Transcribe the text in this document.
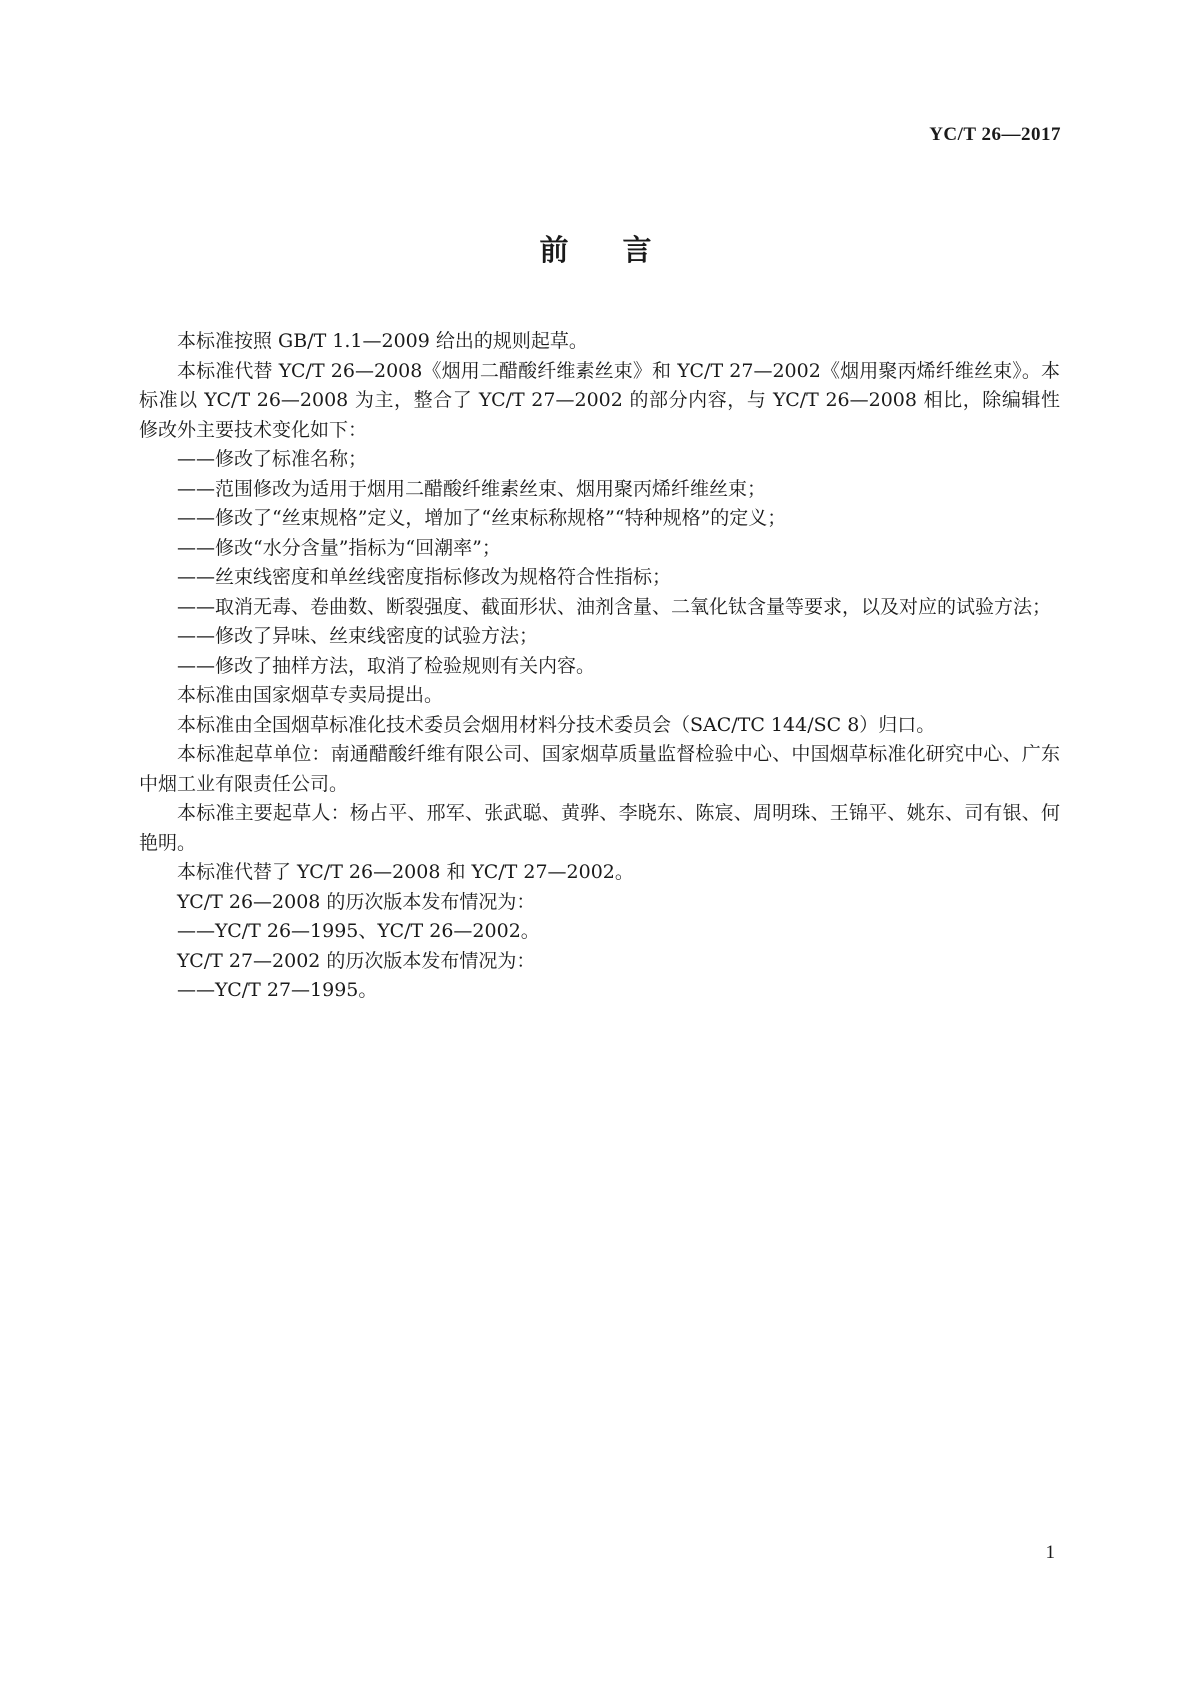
YC/T 26—2017
前言

本标准按照 GB/T 1.1—2009 给出的规则起草。

本标准代替 YC/T 26—2008《烟用二醋酸纤维素丝束》和 YC/T 27—2002《烟用聚丙烯纤维丝束》。本标准以 YC/T 26—2008 为主，整合了 YC/T 27—2002 的部分内容，与 YC/T 26—2008 相比，除编辑性修改外主要技术变化如下：

——修改了标准名称；

——范围修改为适用于烟用二醋酸纤维素丝束、烟用聚丙烯纤维丝束；

——修改了“丝束规格”定义，增加了“丝束标称规格”“特种规格”的定义；

——修改“水分含量”指标为“回潮率”；

——丝束线密度和单丝线密度指标修改为规格符合性指标；

——取消无毒、卷曲数、断裂强度、截面形状、油剂含量、二氧化钛含量等要求，以及对应的试验方法；

——修改了异味、丝束线密度的试验方法；

——修改了抽样方法，取消了检验规则有关内容。

本标准由国家烟草专卖局提出。

本标准由全国烟草标准化技术委员会烟用材料分技术委员会（SAC/TC 144/SC 8）归口。

本标准起草单位：南通醋酸纤维有限公司、国家烟草质量监督检验中心、中国烟草标准化研究中心、广东中烟工业有限责任公司。

本标准主要起草人：杨占平、邢军、张武聪、黄骅、李晓东、陈宸、周明珠、王锦平、姚东、司有银、何艳明。

本标准代替了 YC/T 26—2008 和 YC/T 27—2002。

YC/T 26—2008 的历次版本发布情况为：

——YC/T 26—1995、YC/T 26—2002。

YC/T 27—2002 的历次版本发布情况为：

——YC/T 27—1995。

1
